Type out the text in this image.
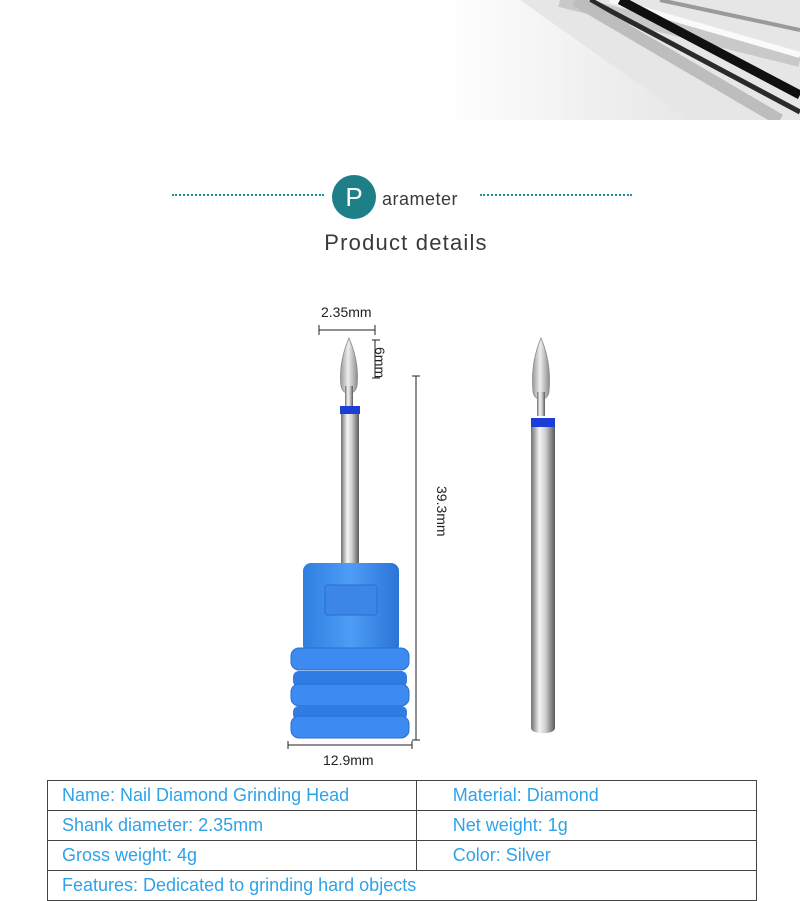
P	arameter
Product details
2.35mm
6mm
39.3mm
12.9mm
Name: Nail Diamond Grinding Head	Material: Diamond
Shank diameter: 2.35mm	Net weight: 1g
Gross weight: 4g	Color: Silver
Features: Dedicated to grinding hard objects	
